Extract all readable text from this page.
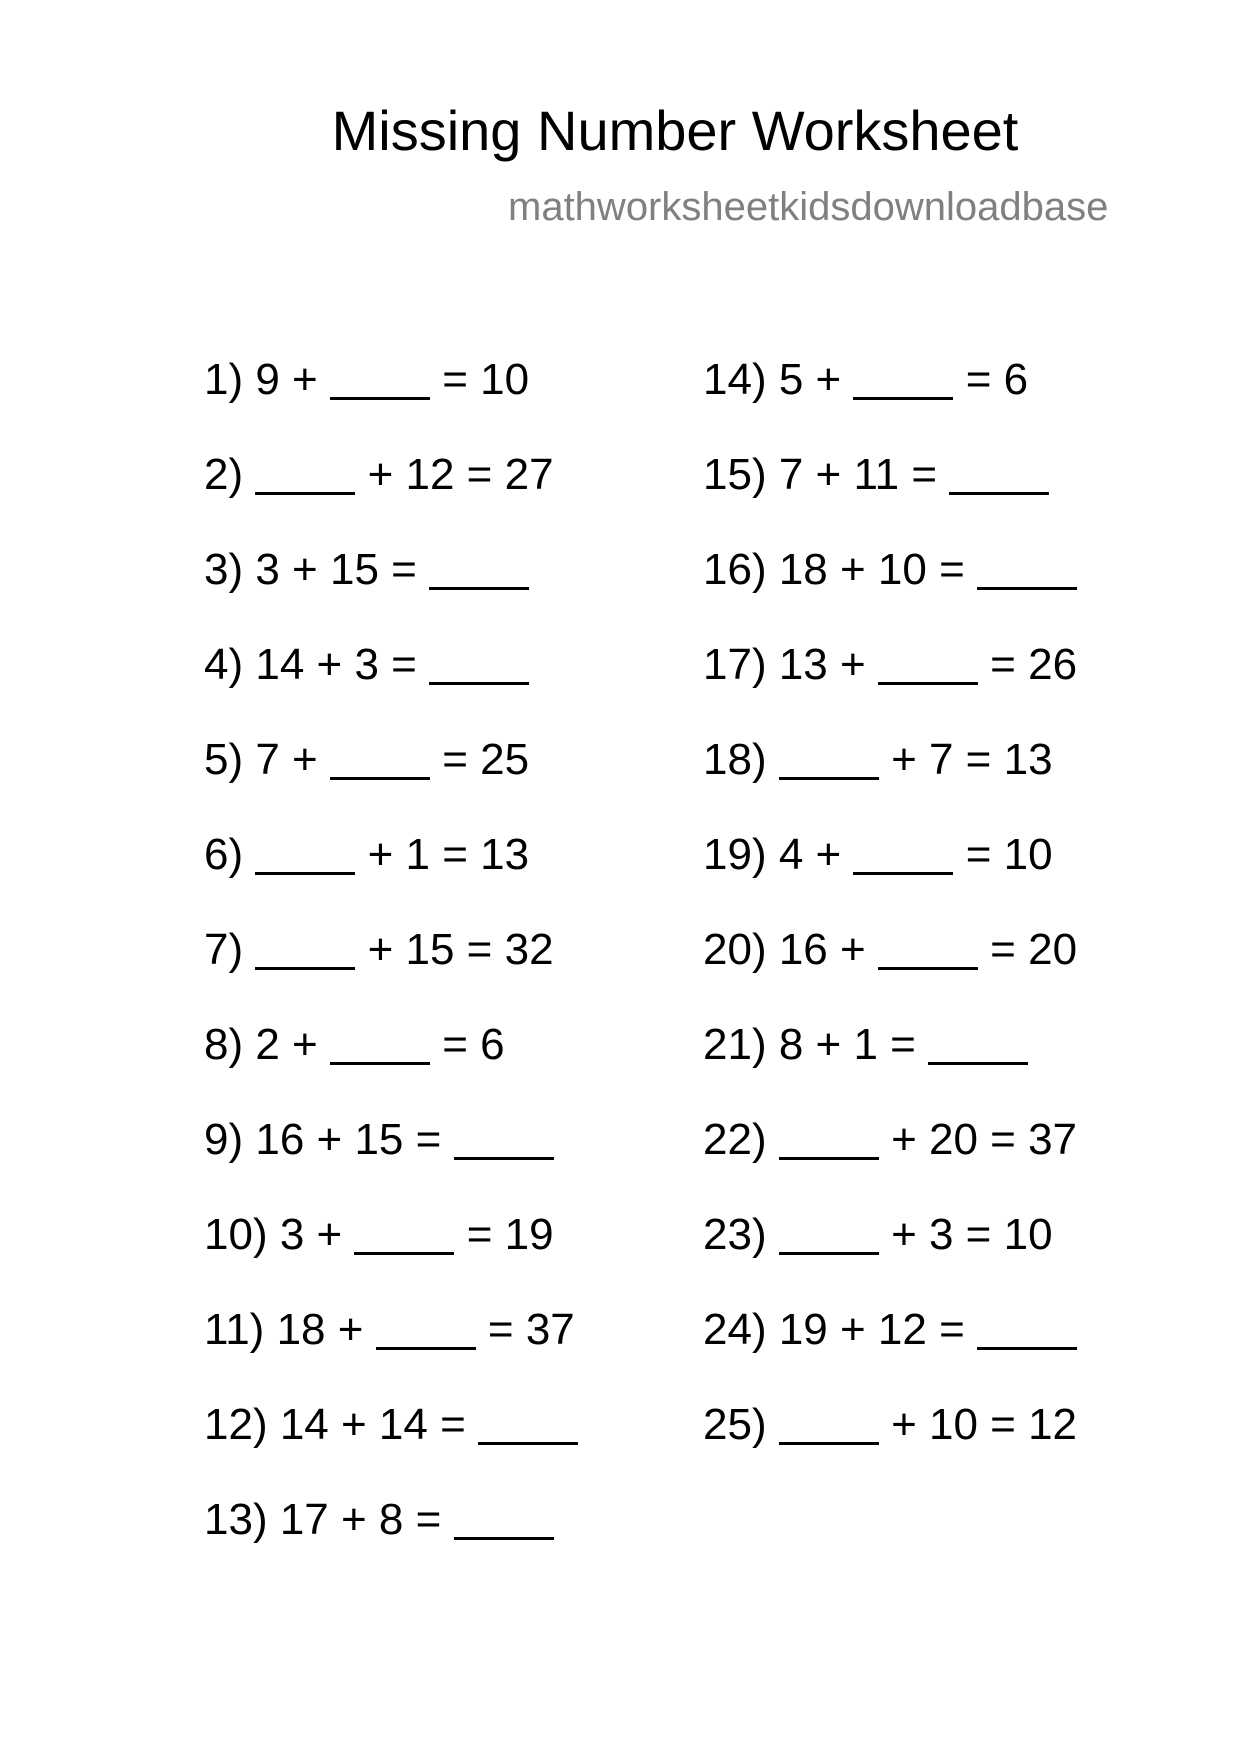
Missing Number Worksheet
mathworksheetkidsdownloadbase
1) 9 +	= 10
2)	+ 12 = 27
3) 3 + 15 =
4) 14 + 3 =
5) 7 +	= 25
6)	+ 1 = 13
7)	+ 15 = 32
8) 2 +	= 6
9) 16 + 15 =
10) 3 +	= 19
11) 18 +	= 37
12) 14 + 14 =
13) 17 + 8 =
14) 5 +	= 6
15) 7 + 11 =
16) 18 + 10 =
17) 13 +	= 26
18)	+ 7 = 13
19) 4 +	= 10
20) 16 +	= 20
21) 8 + 1 =
22)	+ 20 = 37
23)	+ 3 = 10
24) 19 + 12 =
25)	+ 10 = 12
